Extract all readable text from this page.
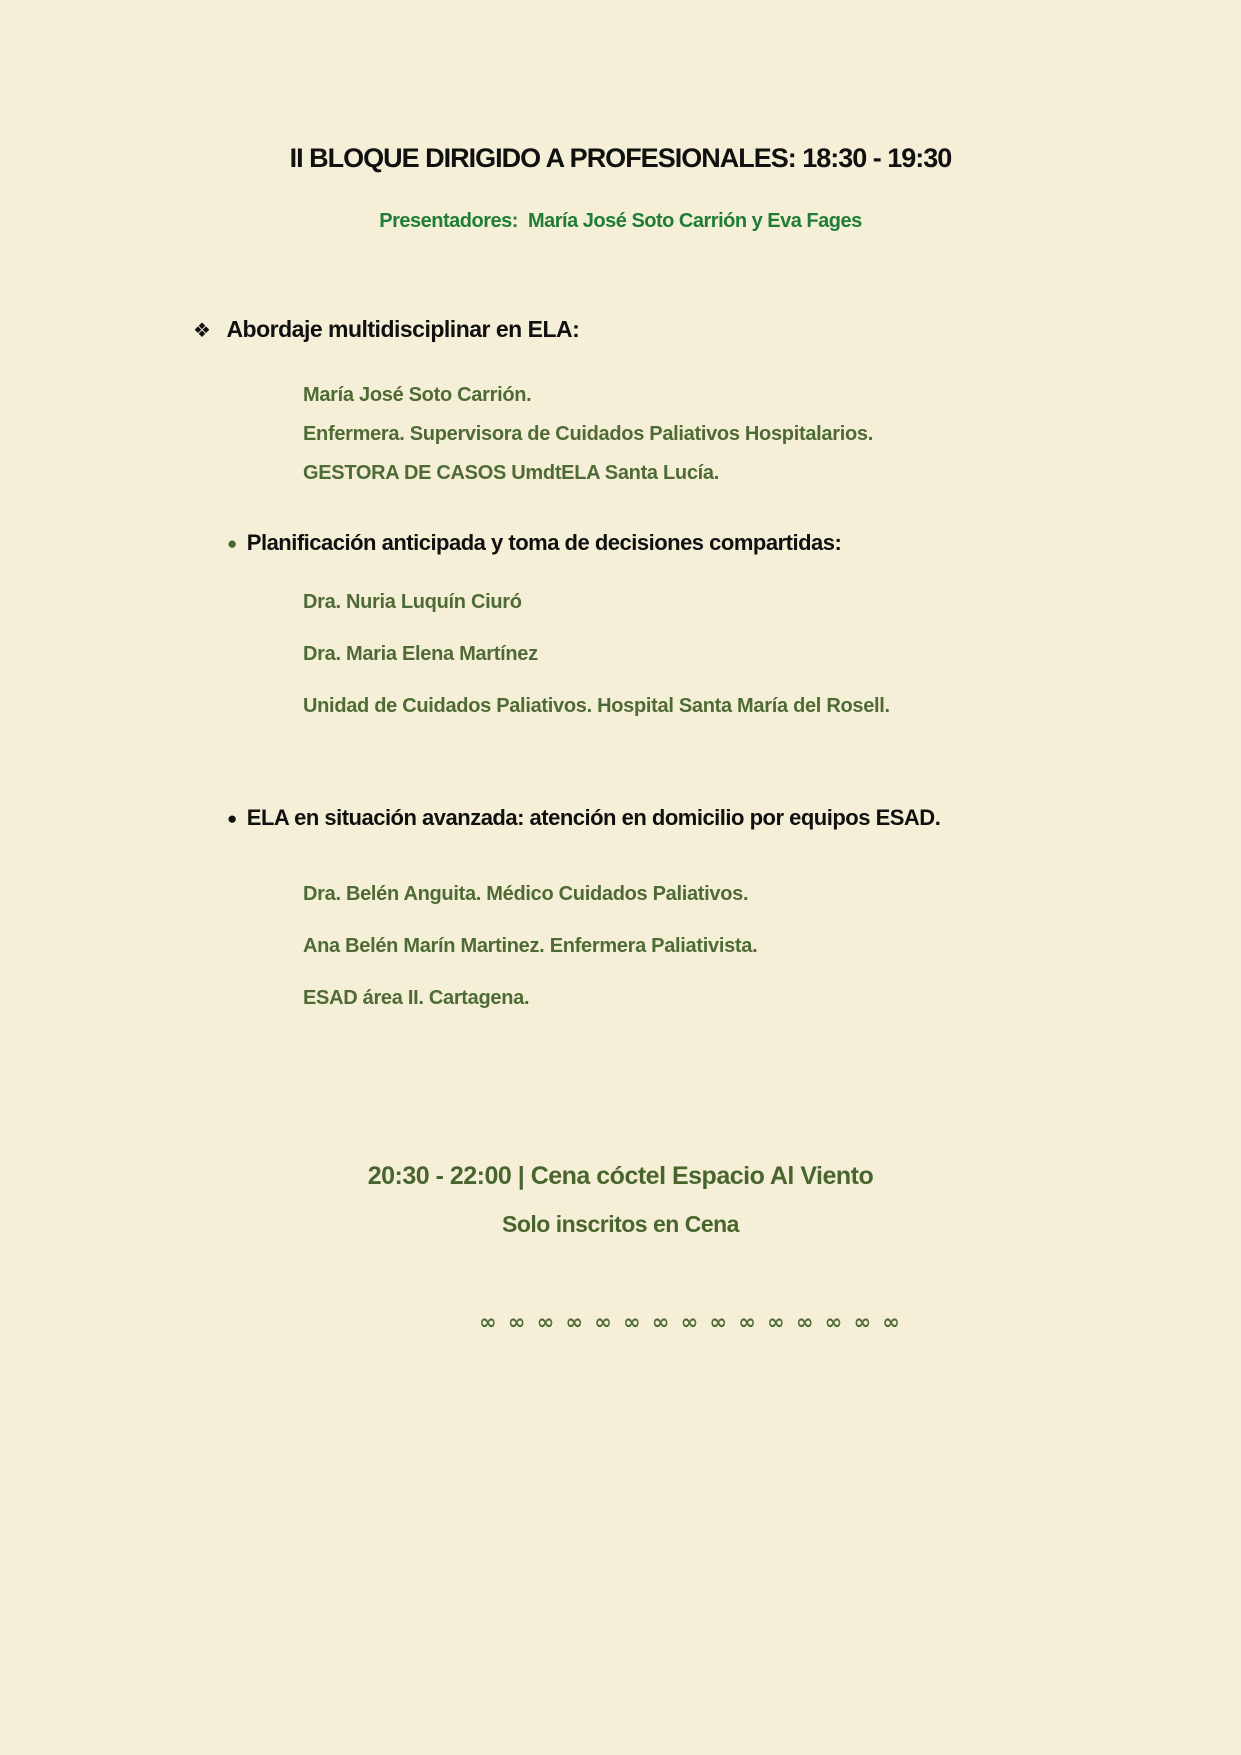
II BLOQUE DIRIGIDO A PROFESIONALES: 18:30 - 19:30
Presentadores:  María José Soto Carrión y Eva Fages
❖ Abordaje multidisciplinar en ELA:
María José Soto Carrión.
Enfermera. Supervisora de Cuidados Paliativos Hospitalarios.
GESTORA DE CASOS UmdtELA Santa Lucía.
● Planificación anticipada y toma de decisiones compartidas:
Dra. Nuria Luquín Ciuró
Dra. Maria Elena Martínez
Unidad de Cuidados Paliativos. Hospital Santa María del Rosell.
● ELA en situación avanzada: atención en domicilio por equipos ESAD.
Dra. Belén Anguita. Médico Cuidados Paliativos.
Ana Belén Marín Martinez. Enfermera Paliativista.
ESAD área II. Cartagena.
20:30 - 22:00 | Cena cóctel Espacio Al Viento
Solo inscritos en Cena
∞ ∞ ∞ ∞ ∞ ∞ ∞ ∞ ∞ ∞ ∞ ∞ ∞ ∞ ∞
